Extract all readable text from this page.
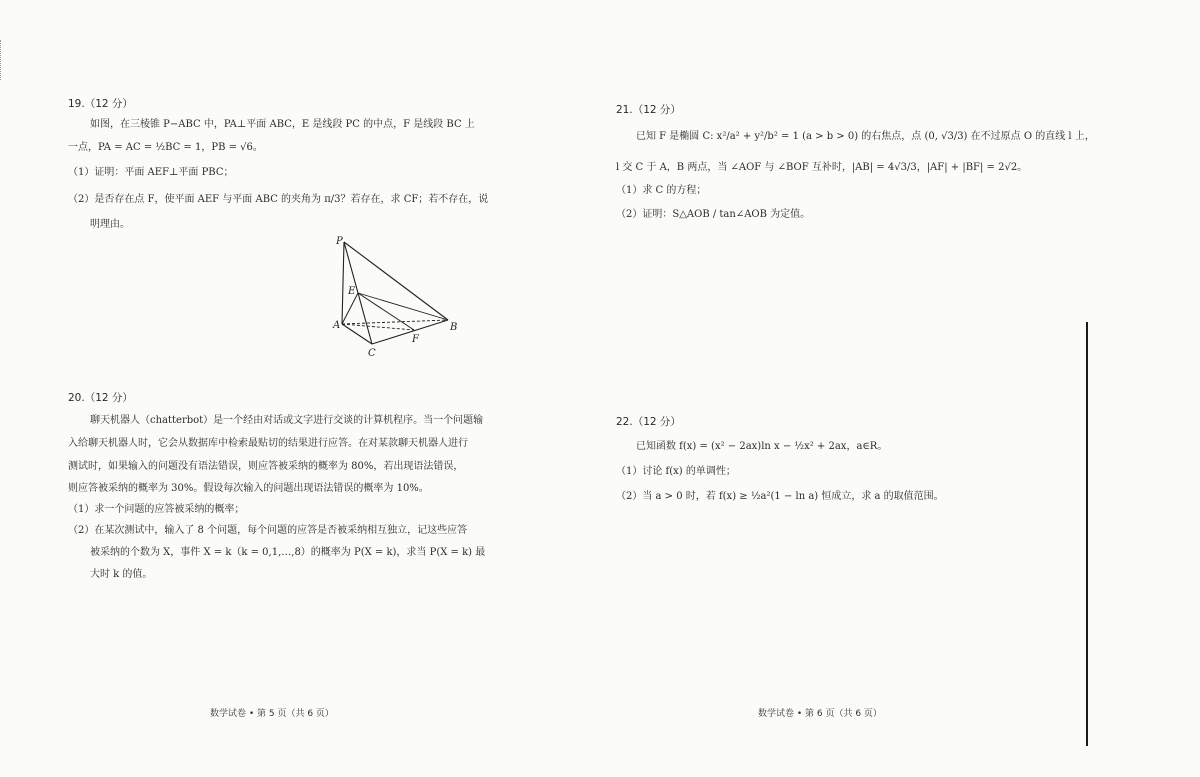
19.（12 分）
如图，在三棱锥 P−ABC 中，PA⊥平面 ABC，E 是线段 PC 的中点，F 是线段 BC 上
一点，PA = AC = ½BC = 1，PB = √6。
（1）证明：平面 AEF⊥平面 PBC；
（2）是否存在点 F，使平面 AEF 与平面 ABC 的夹角为 π/3？若存在，求 CF；若不存在，说
明理由。
P
E
A	B
C
F
20.（12 分）
聊天机器人（chatterbot）是一个经由对话或文字进行交谈的计算机程序。当一个问题输
入给聊天机器人时，它会从数据库中检索最贴切的结果进行应答。在对某款聊天机器人进行
测试时，如果输入的问题没有语法错误，则应答被采纳的概率为 80%，若出现语法错误，
则应答被采纳的概率为 30%。假设每次输入的问题出现语法错误的概率为 10%。
（1）求一个问题的应答被采纳的概率；
（2）在某次测试中，输入了 8 个问题，每个问题的应答是否被采纳相互独立，记这些应答
被采纳的个数为 X，事件 X = k（k = 0,1,…,8）的概率为 P(X = k)，求当 P(X = k) 最
大时 k 的值。
数学试卷 • 第 5 页（共 6 页）
21.（12 分）
已知 F 是椭圆 C: x²/a² + y²/b² = 1 (a > b > 0) 的右焦点，点 (0, √3/3) 在不过原点 O 的直线 l 上，
l 交 C 于 A，B 两点，当 ∠AOF 与 ∠BOF 互补时，|AB| = 4√3/3，|AF| + |BF| = 2√2。
（1）求 C 的方程；
（2）证明：S△AOB / tan∠AOB 为定值。
22.（12 分）
已知函数 f(x) = (x² − 2ax)ln x − ½x² + 2ax，a∈R。
（1）讨论 f(x) 的单调性；
（2）当 a > 0 时，若 f(x) ≥ ½a²(1 − ln a) 恒成立，求 a 的取值范围。
数学试卷 • 第 6 页（共 6 页）
